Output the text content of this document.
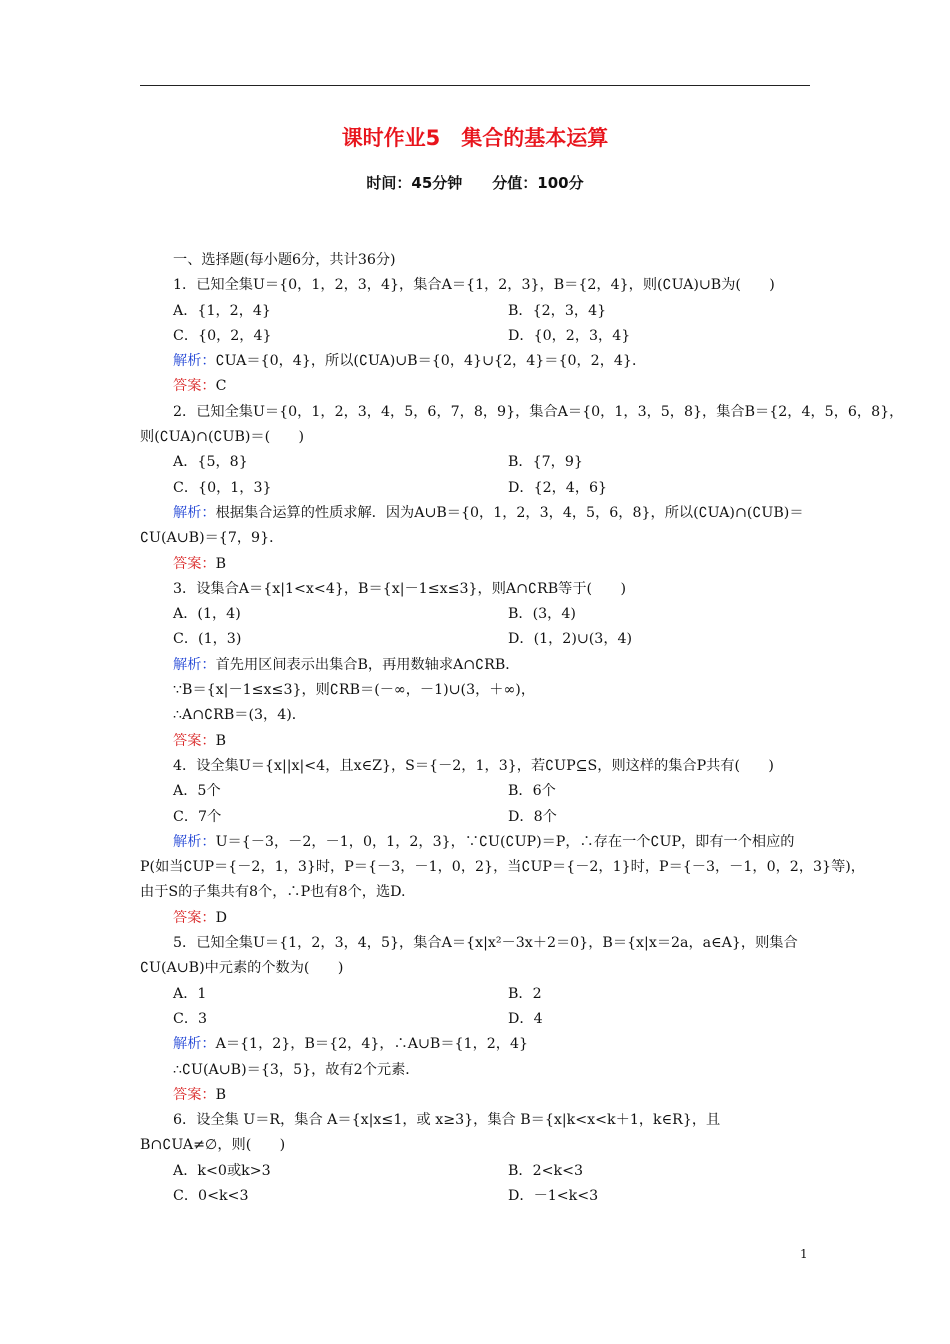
课时作业5　集合的基本运算
时间：45分钟　　分值：100分
一、选择题(每小题6分，共计36分)
1．已知全集U＝{0，1，2，3，4}，集合A＝{1，2，3}，B＝{2，4}，则(∁UA)∪B为(　　)
A．{1，2，4}	B．{2，3，4}
C．{0，2，4}	D．{0，2，3，4}
解析：∁UA＝{0，4}，所以(∁UA)∪B＝{0，4}∪{2，4}＝{0，2，4}．
答案：C
2．已知全集U＝{0，1，2，3，4，5，6，7，8，9}，集合A＝{0，1，3，5，8}，集合B＝{2，4，5，6，8}，
则(∁UA)∩(∁UB)＝(　　)
A．{5，8}	B．{7，9}
C．{0，1，3}	D．{2，4，6}
解析：根据集合运算的性质求解．因为A∪B＝{0，1，2，3，4，5，6，8}，所以(∁UA)∩(∁UB)＝
∁U(A∪B)＝{7，9}．
答案：B
3．设集合A＝{x|1<x<4}，B＝{x|－1≤x≤3}，则A∩∁RB等于(　　)
A．(1，4)	B．(3，4)
C．(1，3)	D．(1，2)∪(3，4)
解析：首先用区间表示出集合B，再用数轴求A∩∁RB．
∵B＝{x|－1≤x≤3}，则∁RB＝(－∞，－1)∪(3，＋∞)，
∴A∩∁RB＝(3，4)．
答案：B
4．设全集U＝{x||x|<4，且x∈Z}，S＝{－2，1，3}，若∁UP⊆S，则这样的集合P共有(　　)
A．5个	B．6个
C．7个	D．8个
解析：U＝{－3，－2，－1，0，1，2，3}，∵∁U(∁UP)＝P，∴存在一个∁UP，即有一个相应的
P(如当∁UP＝{－2，1，3}时，P＝{－3，－1，0，2}，当∁UP＝{－2，1}时，P＝{－3，－1，0，2，3}等)，
由于S的子集共有8个，∴P也有8个，选D.
答案：D
5．已知全集U＝{1，2，3，4，5}，集合A＝{x|x²－3x＋2＝0}，B＝{x|x＝2a，a∈A}，则集合
∁U(A∪B)中元素的个数为(　　)
A．1	B．2
C．3	D．4
解析：A＝{1，2}，B＝{2，4}，∴A∪B＝{1，2，4}
∴∁U(A∪B)＝{3，5}，故有2个元素．
答案：B
6．设全集 U＝R，集合 A＝{x|x≤1，或 x≥3}，集合 B＝{x|k<x<k＋1，k∈R}，且
B∩∁UA≠∅，则(　　)
A．k<0或k>3	B．2<k<3
C．0<k<3	D．－1<k<3
1
